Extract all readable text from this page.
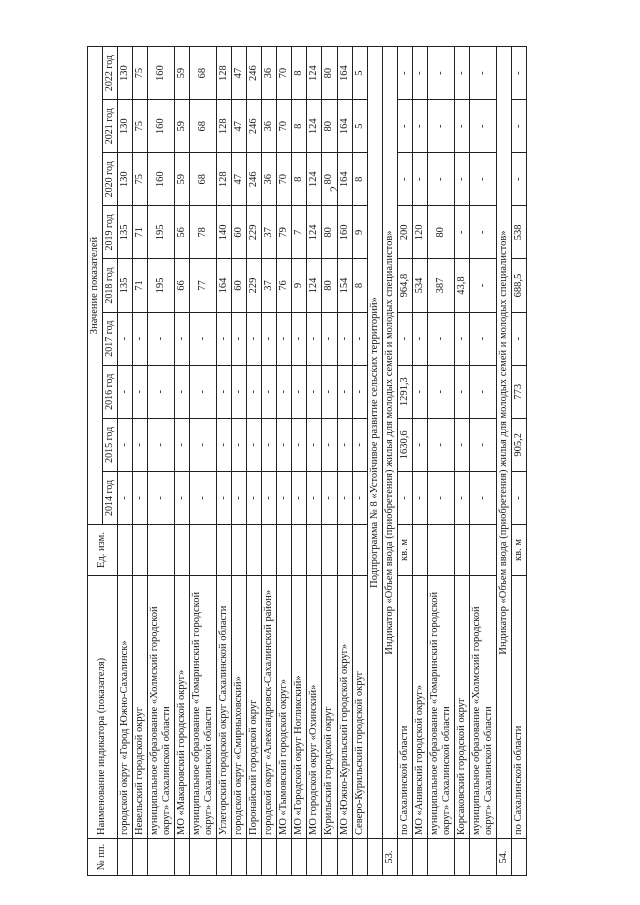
2
№ пп.	Наименование индикатора (показателя)	Ед. изм.	Значение показателей								
			2014 год	2015 год	2016 год	2017 год	2018 год	2019 год	2020 год	2021 год	2022 год
	городской округ «Город Южно-Сахалинск»		-	-	-	-	135	135	130	130	130
	Невельский городской округ		-	-	-	-	71	71	75	75	75
	муниципальное образование «Холмский городской округ» Сахалинской области		-	-	-	-	195	195	160	160	160
	МО «Макаровский городской округ»		-	-	-	-	66	56	59	59	59
	муниципальное образование «Томаринский городской округ» Сахалинской области		-	-	-	-	77	78	68	68	68
	Углегорский городской округ Сахалинской области		-	-	-	-	164	140	128	128	128
	городской округ «Смирныховский»		-	-	-	-	60	60	47	47	47
	Поронайский городской округ		-	-	-	-	229	229	246	246	246
	городской округ «Александровск-Сахалинский район»		-	-	-	-	37	37	36	36	36
	МО «Тымовский городской округ»		-	-	-	-	76	79	70	70	70
	МО «Городской округ Ногликский»		-	-	-	-	9	7	8	8	8
	МО городской округ «Охинский»		-	-	-	-	124	124	124	124	124
	Курильский городской округ		-	-	-	-	80	80	80	80	80
	МО «Южно-Курильский городской округ»		-	-	-	-	154	160	164	164	164
	Северо-Курильский городской округ		-	-	-	-	8	9	8	5	5
	Подпрограмма № 8 «Устойчивое развитие сельских территорий»										
53.	Индикатор «Объем ввода (приобретения) жилья для молодых семей и молодых специалистов»										
	по Сахалинской области	кв. м	-	1630,6	1291,3	-	964,8	200	-	-	-
	МО «Анивский городской округ»		-	-	-	-	534	120	-	-	-
	муниципальное образование «Томаринский городской округ» Сахалинской области		-	-	-	-	387	80	-	-	-
	Корсаковский городской округ		-	-	-	-	43,8	-	-	-	-
	муниципальное образование «Холмский городской округ» Сахалинской области		-	-	-	-	-	-	-	-	-
54.	Индикатор «Объем ввода (приобретения) жилья для молодых семей и молодых специалистов»										
	по Сахалинской области	кв. м	-	905,2	773	-	688,5	538	-	-	-
